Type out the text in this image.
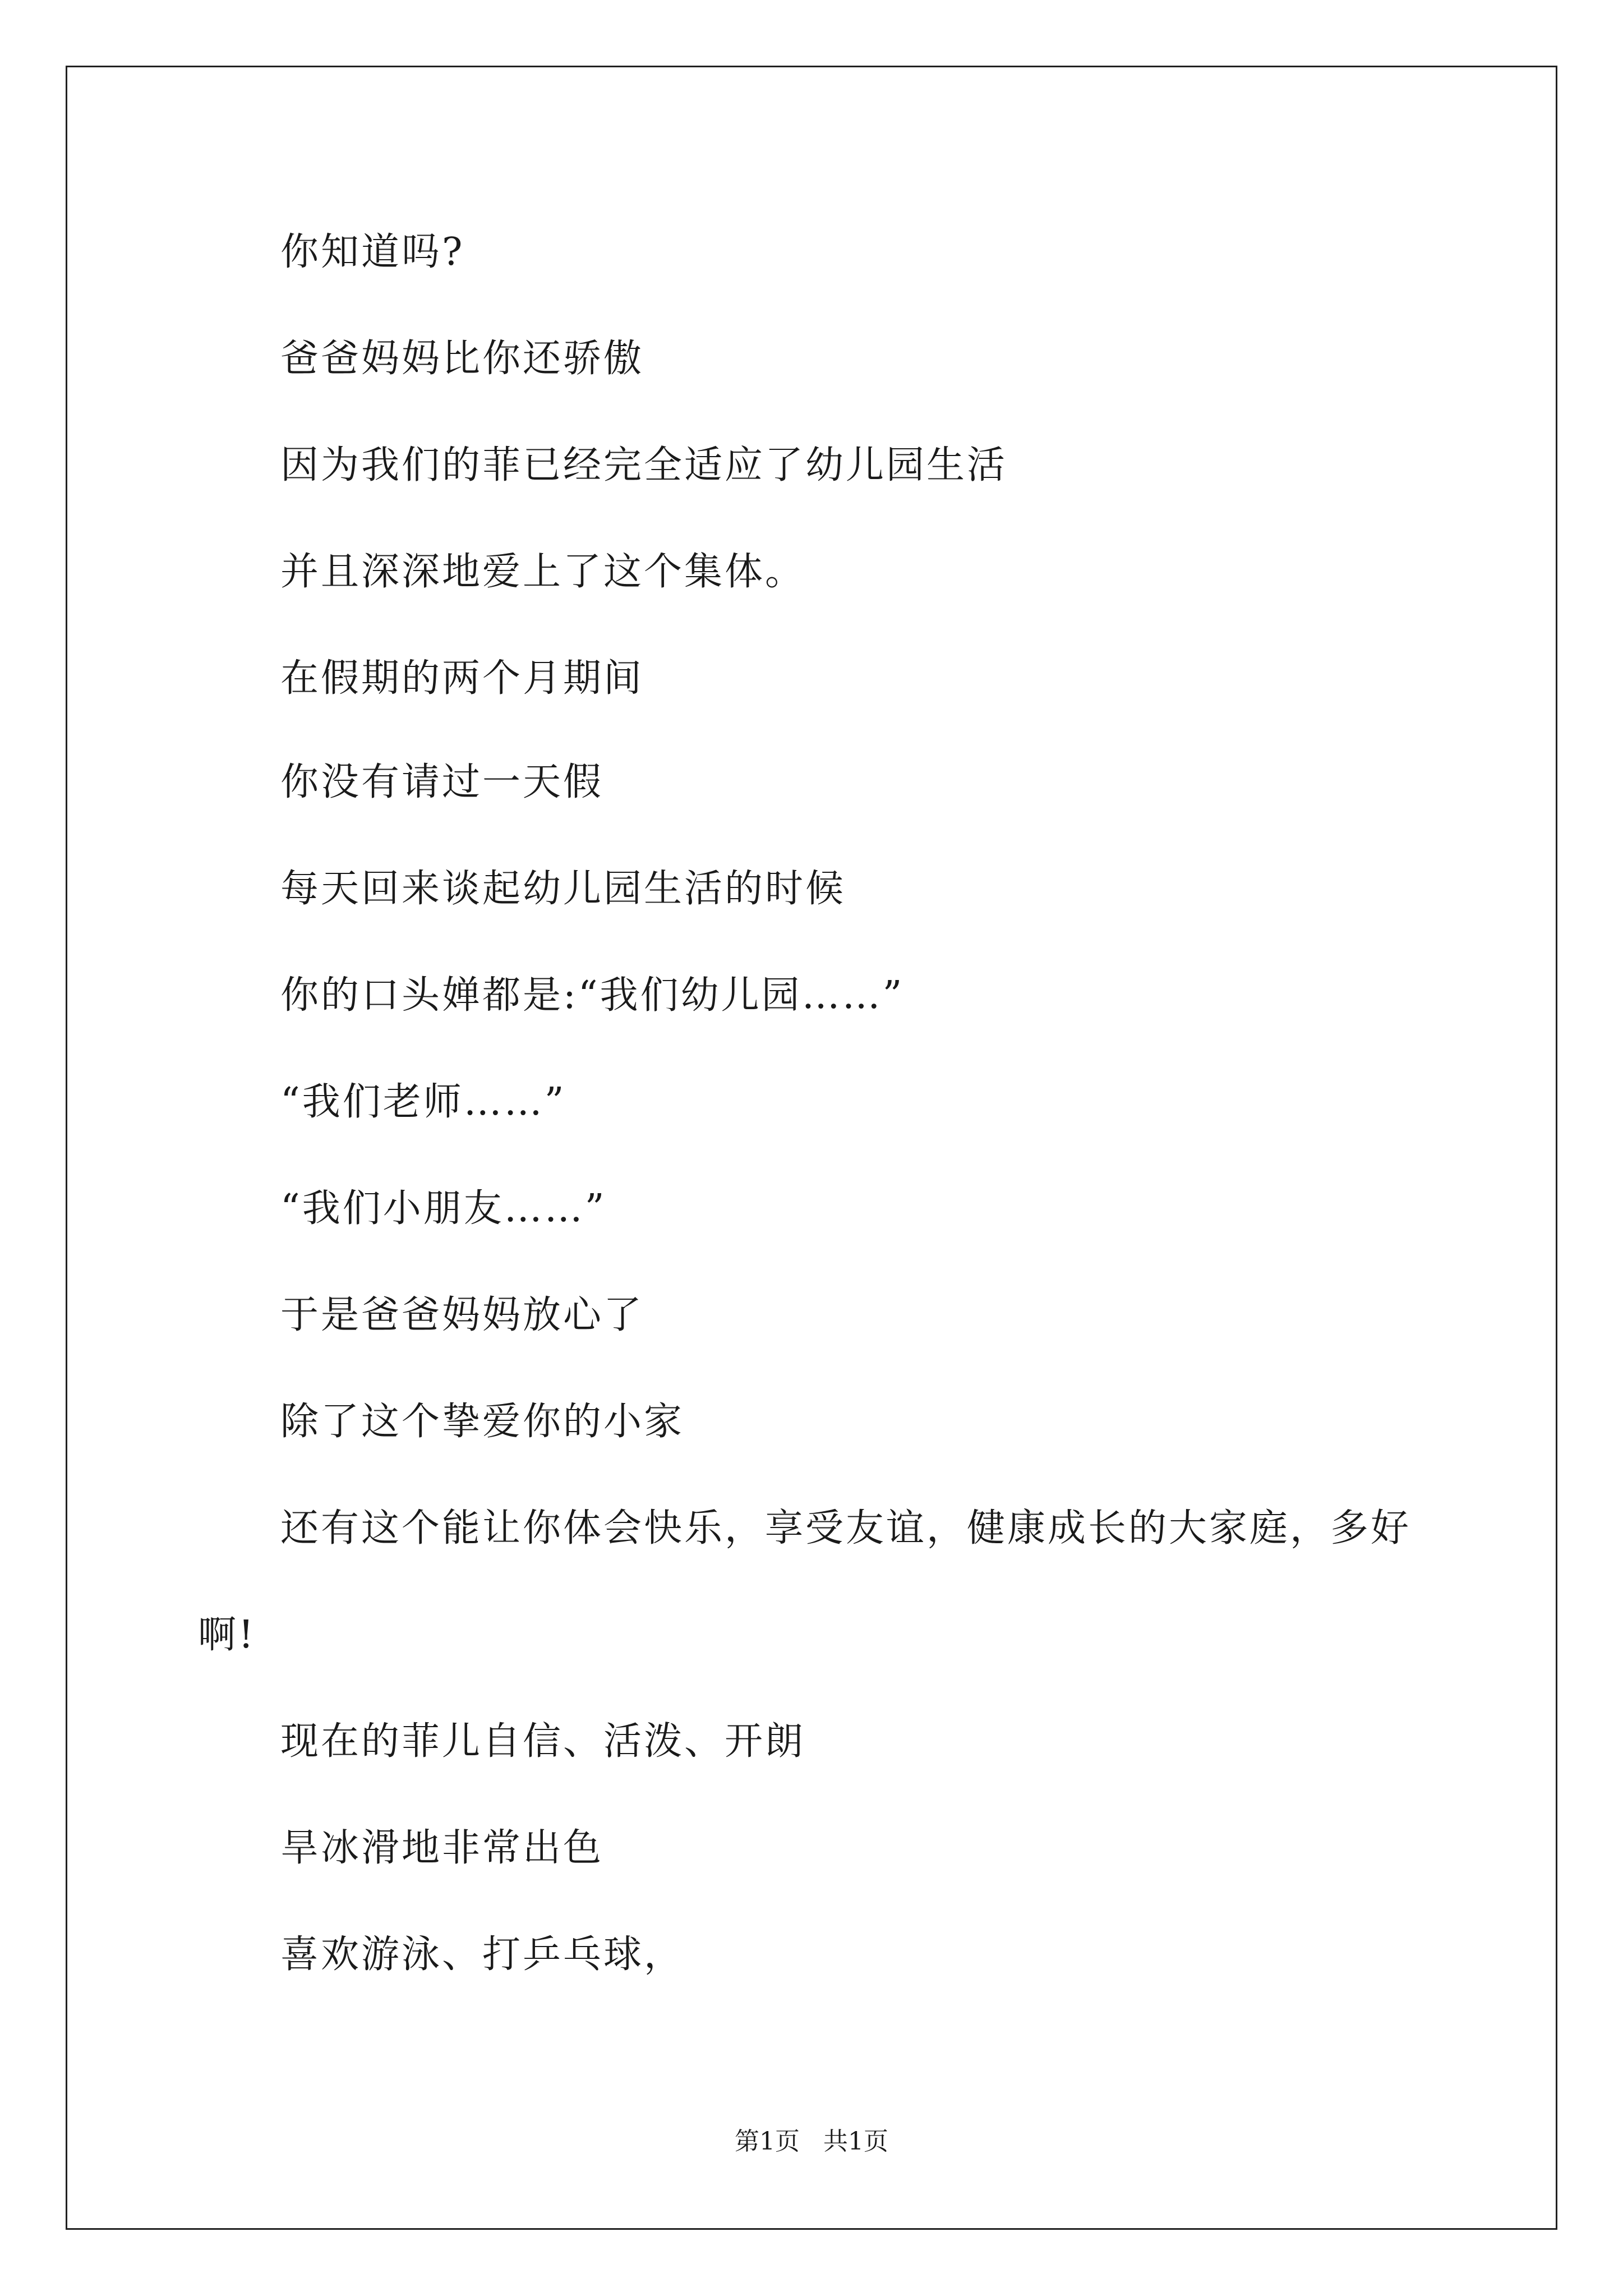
你知道吗?
爸爸妈妈比你还骄傲
因为我们的菲已经完全适应了幼儿园生活
并且深深地爱上了这个集体。
在假期的两个月期间
你没有请过一天假
每天回来谈起幼儿园生活的时候
你的口头婵都是:“我们幼儿园……”
“我们老师……”
“我们小朋友……”
于是爸爸妈妈放心了
除了这个挚爱你的小家
还有这个能让你体会快乐，享受友谊，健康成长的大家庭，多好
啊!
现在的菲儿自信、活泼、开朗
旱冰滑地非常出色
喜欢游泳、打乒乓球，
第1页   共1页
